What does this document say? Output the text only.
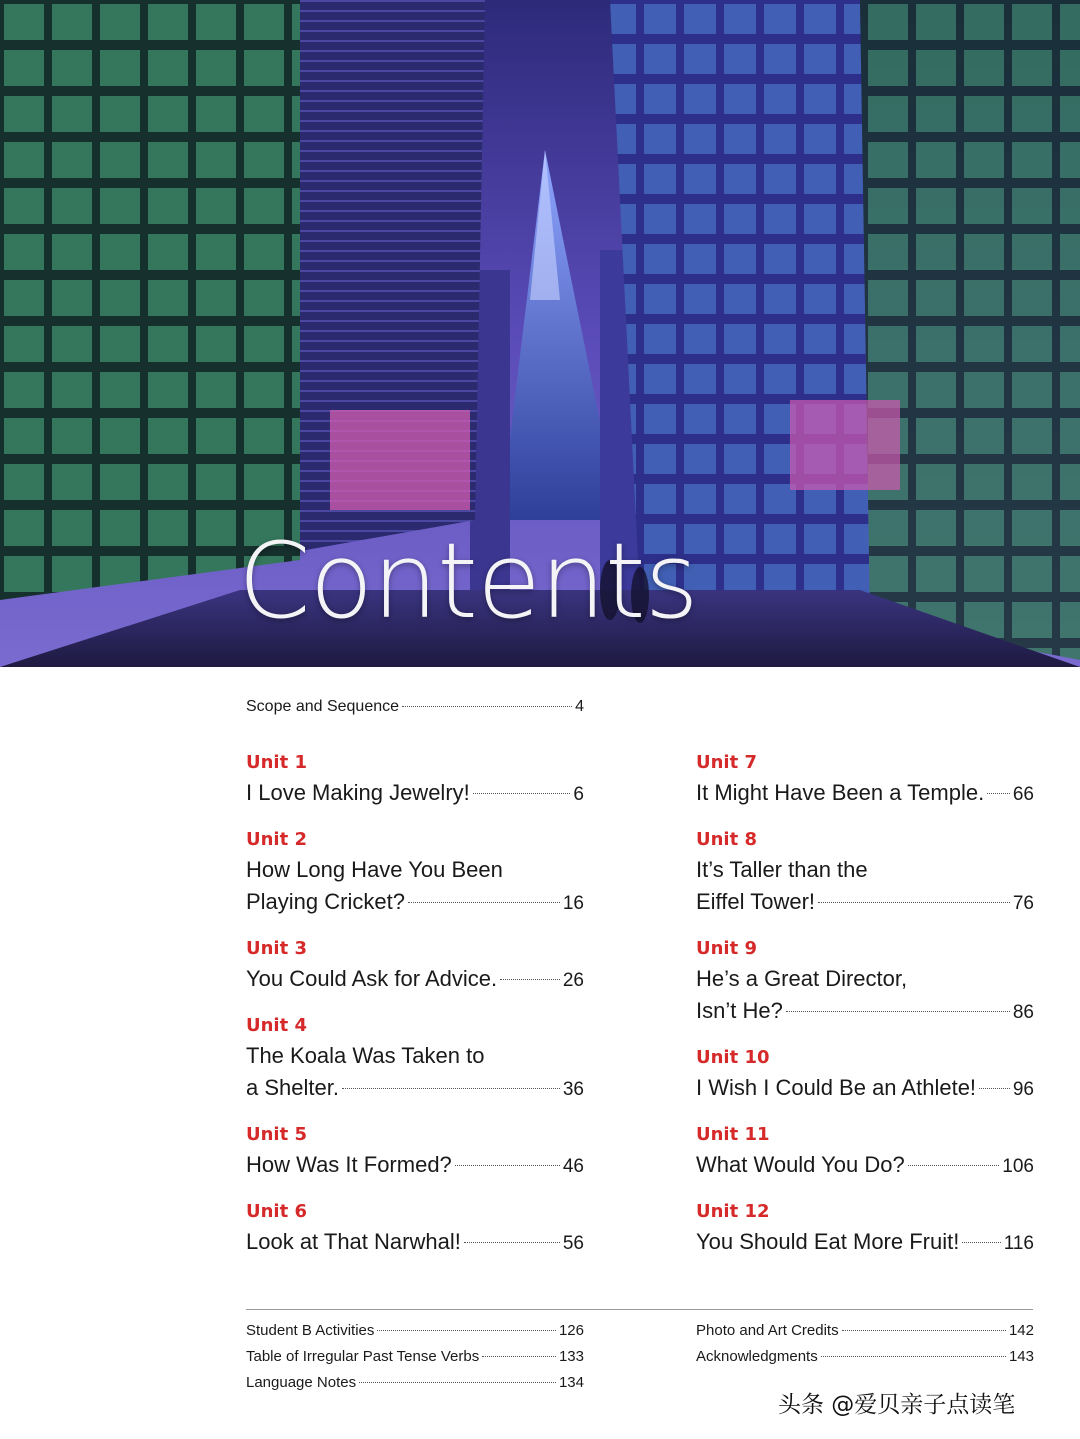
Contents
Scope and Sequence	4
Unit 1
I Love Making Jewelry!	6
Unit 2
How Long Have You Been
Playing Cricket?	16
Unit 3
You Could Ask for Advice.	26
Unit 4
The Koala Was Taken to
a Shelter.	36
Unit 5
How Was It Formed?	46
Unit 6
Look at That Narwhal!	56
Unit 7
It Might Have Been a Temple. 66
Unit 8
It’s Taller than the
Eiffel Tower!	76
Unit 9
He’s a Great Director,
Isn’t He?	86
Unit 10
I Wish I Could Be an Athlete! 96
Unit 11
What Would You Do?	106
Unit 12
You Should Eat More Fruit! 116
Student B Activities	126
Table of Irregular Past Tense Verbs	133
Language Notes	134
Photo and Art Credits	142
Acknowledgments	143
头条 @爱贝亲子点读笔
